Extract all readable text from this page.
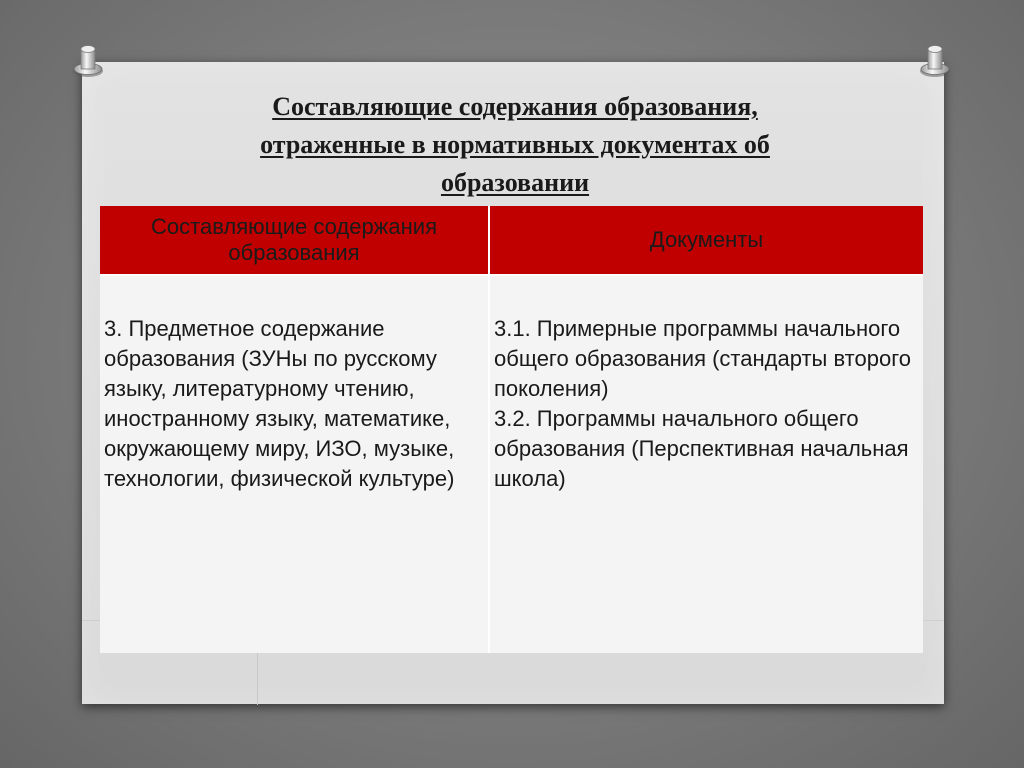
Составляющие содержания образования,
отраженные в нормативных документах об
образовании
Составляющие содержания образования	Документы
3. Предметное содержание образования (ЗУНы по русскому языку, литературному чтению, иностранному языку, математике, окружающему миру, ИЗО, музыке, технологии, физической культуре)	3.1. Примерные программы начального общего образования (стандарты второго поколения)
3.2. Программы начального общего образования (Перспективная начальная школа)
